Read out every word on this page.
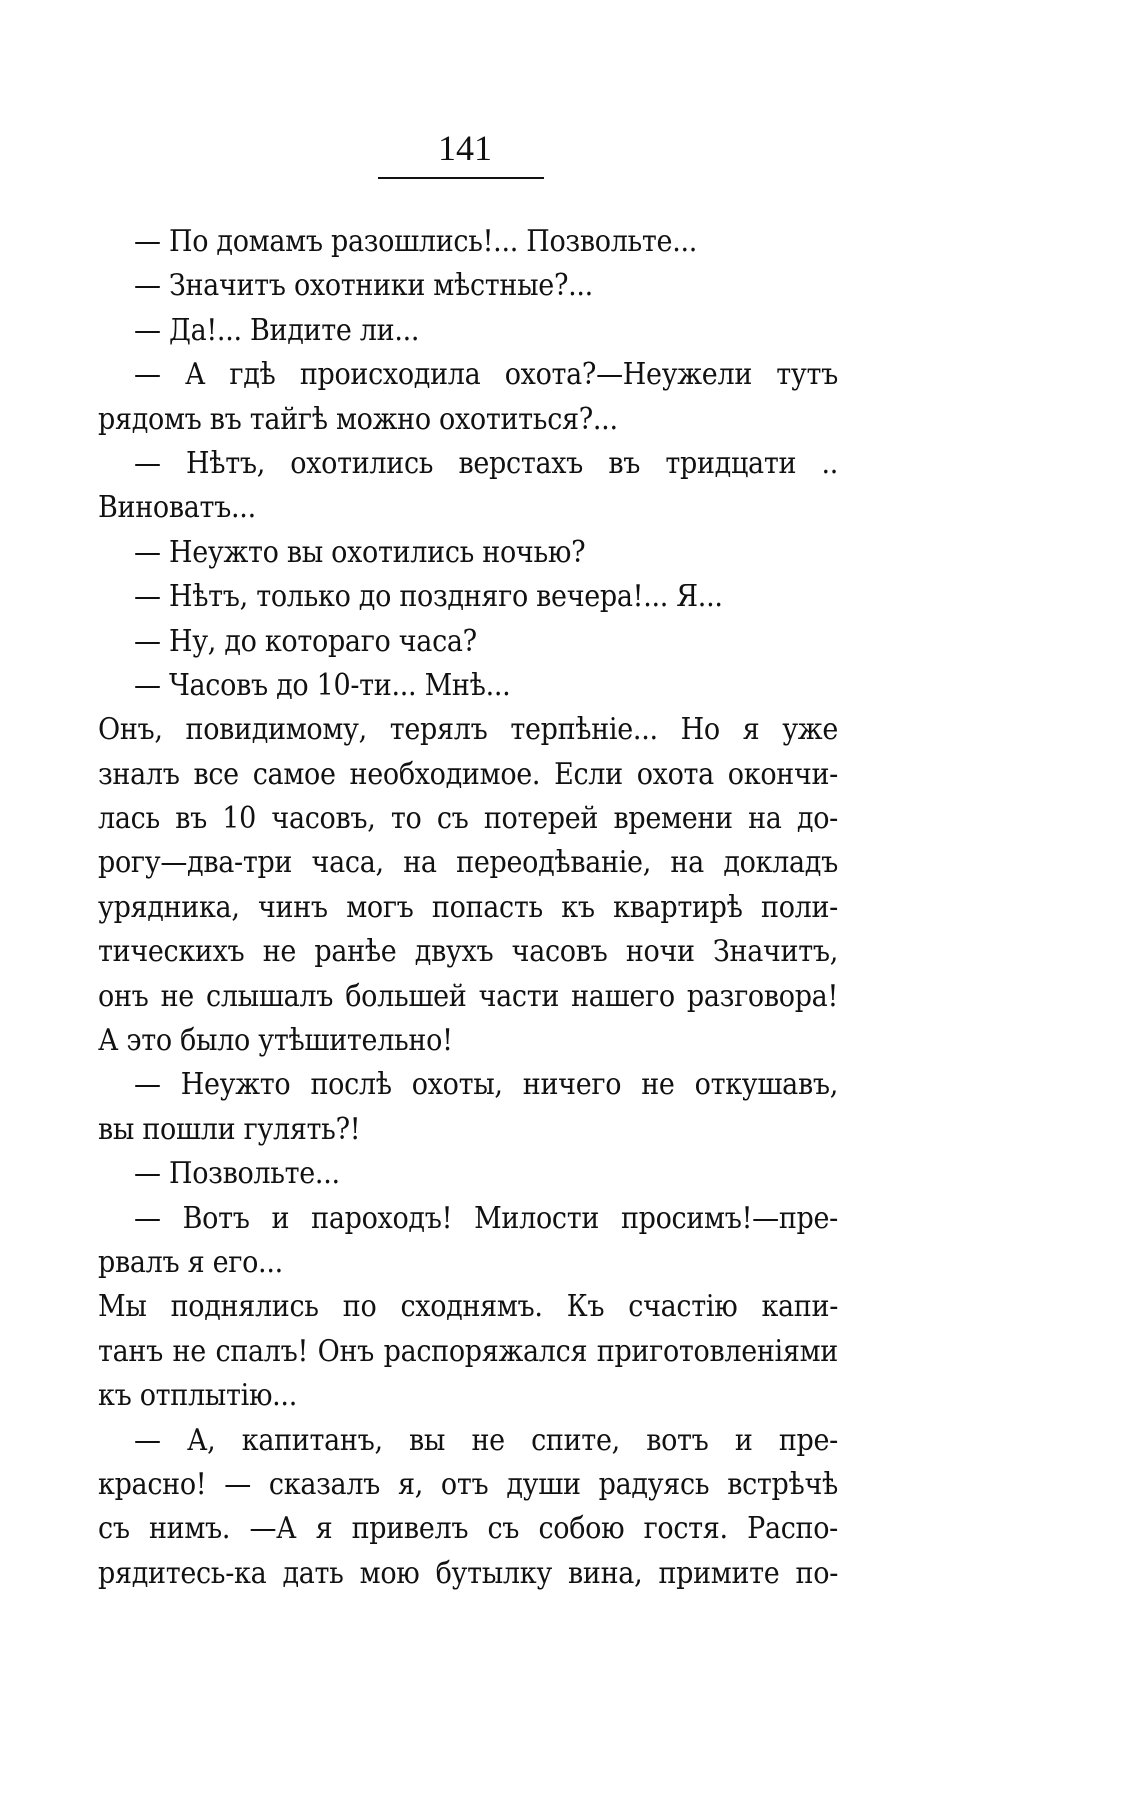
141
— По домамъ разошлись!... Позвольте...
— Значитъ охотники мѣстные?...
— Да!... Видите ли...
— А гдѣ происходила охота?—Неужели тутъ
рядомъ въ тайгѣ можно охотиться?...
— Нѣтъ, охотились верстахъ въ тридцати ..
Виноватъ...
— Неужто вы охотились ночью?
— Нѣтъ, только до поздняго вечера!... Я...
— Ну, до котораго часа?
— Часовъ до 10-ти... Мнѣ...
Онъ, повидимому, терялъ терпѣніе... Но я уже
зналъ все самое необходимое. Если охота окончи-
лась въ 10 часовъ, то съ потерей времени на до-
рогу—два-три часа, на переодѣваніе, на докладъ
урядника, чинъ могъ попасть къ квартирѣ поли-
тическихъ не ранѣе двухъ часовъ ночи Значитъ,
онъ не слышалъ большей части нашего разговора!
А это было утѣшительно!
— Неужто послѣ охоты, ничего не откушавъ,
вы пошли гулять?!
— Позвольте...
— Вотъ и пароходъ! Милости просимъ!—пре-
рвалъ я его...
Мы поднялись по сходнямъ. Къ счастію капи-
танъ не спалъ! Онъ распоряжался приготовленіями
къ отплытію...
— А, капитанъ, вы не спите, вотъ и пре-
красно! — сказалъ я, отъ души радуясь встрѣчѣ
съ нимъ. —А я привелъ съ собою гостя. Распо-
рядитесь-ка дать мою бутылку вина, примите по-
